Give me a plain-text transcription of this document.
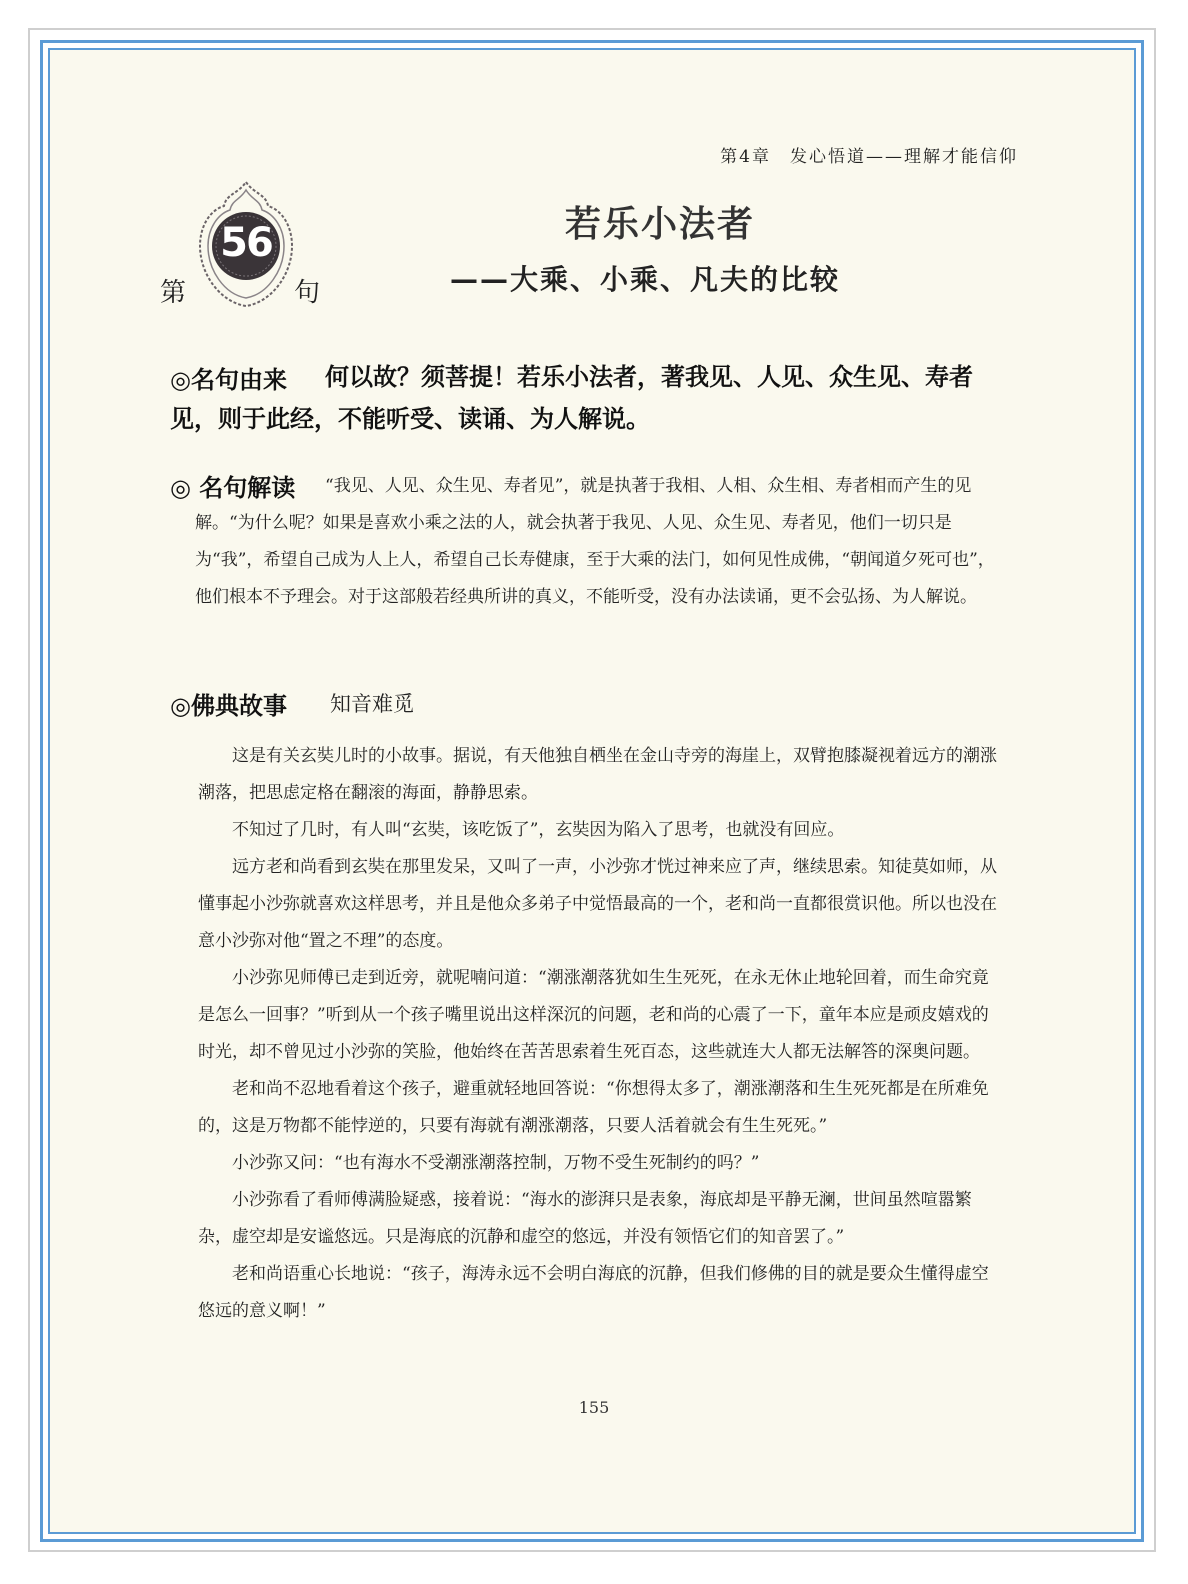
第4章　发心悟道——理解才能信仰
第
56
句
若乐小法者
——大乘、小乘、凡夫的比较
何以故？须菩提！若乐小法者，著我见、人见、众生见、寿者见，则于此经，不能听受、读诵、为人解说。
◎名句由来
“我见、人见、众生见、寿者见”，就是执著于我相、人相、众生相、寿者相而产生的见解。“为什么呢？如果是喜欢小乘之法的人，就会执著于我见、人见、众生见、寿者见，他们一切只是为“我”，希望自己成为人上人，希望自己长寿健康，至于大乘的法门，如何见性成佛，“朝闻道夕死可也”，他们根本不予理会。对于这部般若经典所讲的真义，不能听受，没有办法读诵，更不会弘扬、为人解说。
◎ 名句解读
◎佛典故事 知音难觅

这是有关玄奘儿时的小故事。据说，有天他独自栖坐在金山寺旁的海崖上，双臂抱膝凝视着远方的潮涨潮落，把思虑定格在翻滚的海面，静静思索。

不知过了几时，有人叫“玄奘，该吃饭了”，玄奘因为陷入了思考，也就没有回应。

远方老和尚看到玄奘在那里发呆，又叫了一声，小沙弥才恍过神来应了声，继续思索。知徒莫如师，从懂事起小沙弥就喜欢这样思考，并且是他众多弟子中觉悟最高的一个，老和尚一直都很赏识他。所以也没在意小沙弥对他“置之不理”的态度。

小沙弥见师傅已走到近旁，就呢喃问道：“潮涨潮落犹如生生死死，在永无休止地轮回着，而生命究竟是怎么一回事？”听到从一个孩子嘴里说出这样深沉的问题，老和尚的心震了一下，童年本应是顽皮嬉戏的时光，却不曾见过小沙弥的笑脸，他始终在苦苦思索着生死百态，这些就连大人都无法解答的深奥问题。

老和尚不忍地看着这个孩子，避重就轻地回答说：“你想得太多了，潮涨潮落和生生死死都是在所难免的，这是万物都不能悖逆的，只要有海就有潮涨潮落，只要人活着就会有生生死死。”

小沙弥又问：“也有海水不受潮涨潮落控制，万物不受生死制约的吗？”

小沙弥看了看师傅满脸疑惑，接着说：“海水的澎湃只是表象，海底却是平静无澜，世间虽然喧嚣繁杂，虚空却是安谧悠远。只是海底的沉静和虚空的悠远，并没有领悟它们的知音罢了。”

老和尚语重心长地说：“孩子，海涛永远不会明白海底的沉静，但我们修佛的目的就是要众生懂得虚空悠远的意义啊！”

155
